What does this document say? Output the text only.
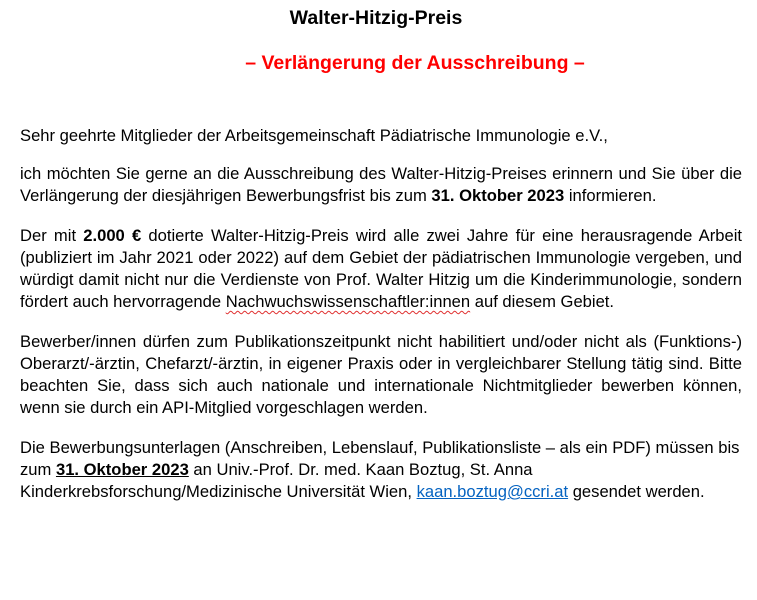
Walter-Hitzig-Preis
– Verlängerung der Ausschreibung –

Sehr geehrte Mitglieder der Arbeitsgemeinschaft Pädiatrische Immunologie e.V.,

ich möchten Sie gerne an die Ausschreibung des Walter-Hitzig-Preises erinnern und Sie über die Verlängerung der diesjährigen Bewerbungsfrist bis zum 31. Oktober 2023 informieren.

Der mit 2.000 € dotierte Walter-Hitzig-Preis wird alle zwei Jahre für eine herausragende Arbeit (publiziert im Jahr 2021 oder 2022) auf dem Gebiet der pädiatrischen Immunologie vergeben, und würdigt damit nicht nur die Verdienste von Prof. Walter Hitzig um die Kinderimmunologie, sondern fördert auch hervorragende Nachwuchswissenschaftler:innen auf diesem Gebiet.

Bewerber/innen dürfen zum Publikationszeitpunkt nicht habilitiert und/oder nicht als (Funktions-) Oberarzt/-ärztin, Chefarzt/-ärztin, in eigener Praxis oder in vergleichbarer Stellung tätig sind. Bitte beachten Sie, dass sich auch nationale und internationale Nichtmitglieder bewerben können, wenn sie durch ein API-Mitglied vorgeschlagen werden.

Die Bewerbungsunterlagen (Anschreiben, Lebenslauf, Publikationsliste – als ein PDF) müssen bis zum 31. Oktober 2023 an Univ.-Prof. Dr. med. Kaan Boztug, St. Anna Kinderkrebsforschung/Medizinische Universität Wien, kaan.boztug@ccri.at gesendet werden.
